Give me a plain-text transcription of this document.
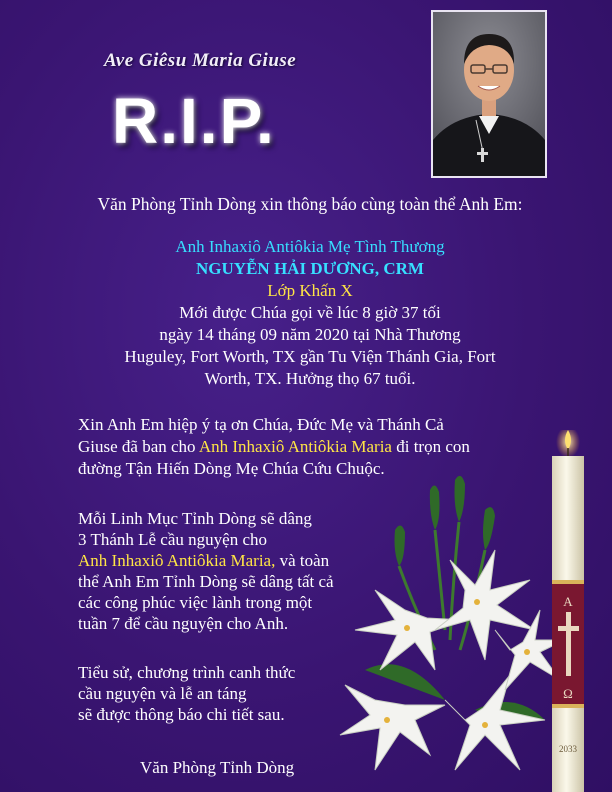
Ave Giêsu Maria Giuse
R.I.P.
Văn Phòng Tỉnh Dòng xin thông báo cùng toàn thể Anh Em:
Anh Inhaxiô Antiôkia Mẹ Tình Thương
NGUYỄN HẢI DƯƠNG, CRM
Lớp Khấn X
Mới được Chúa gọi về lúc 8 giờ 37 tối
ngày 14 tháng 09 năm 2020 tại Nhà Thương
Huguley, Fort Worth, TX gần Tu Viện Thánh Gia, Fort
Worth, TX. Hưởng thọ 67 tuổi.
Xin Anh Em hiệp ý tạ ơn Chúa, Đức Mẹ và Thánh Cả
Giuse đã ban cho Anh Inhaxiô Antiôkia Maria đi trọn con
đường Tận Hiến Dòng Mẹ Chúa Cứu Chuộc.
Mỗi Linh Mục Tỉnh Dòng sẽ dâng
3 Thánh Lễ cầu nguyện cho
Anh Inhaxiô Antiôkia Maria, và toàn
thể Anh Em Tỉnh Dòng sẽ dâng tất cả
các công phúc việc lành trong một
tuần 7 để cầu nguyện cho Anh.
Tiểu sử, chương trình canh thức
cầu nguyện và lễ an táng
sẽ được thông báo chi tiết sau.
Văn Phòng Tỉnh Dòng
A
Ω
2033
